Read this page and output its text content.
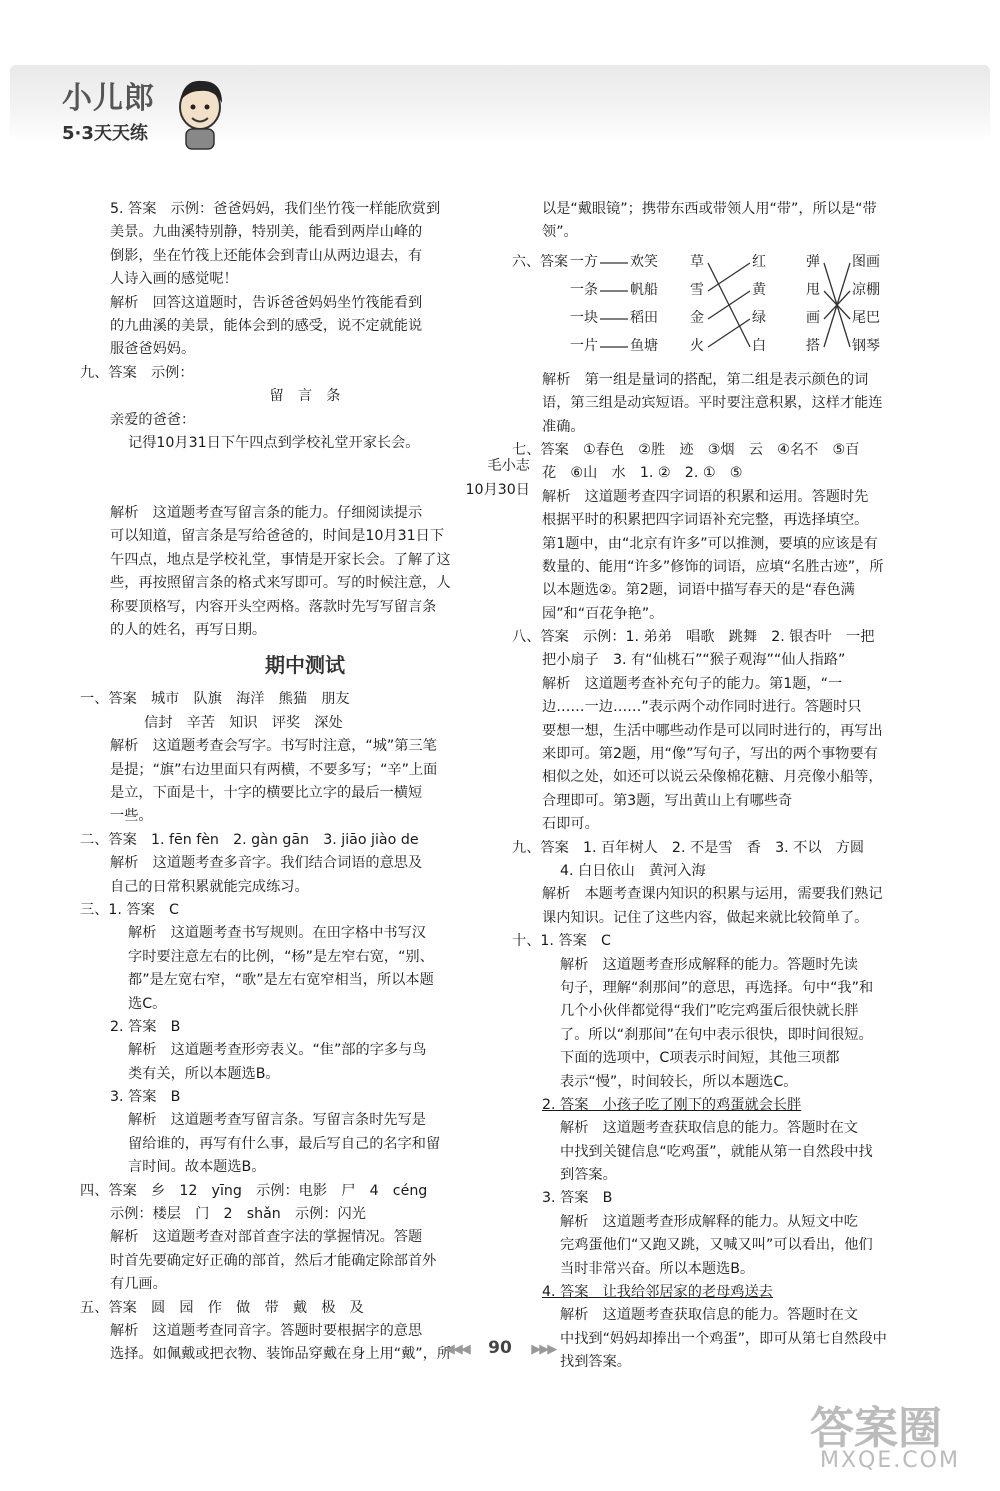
小儿郎
5·3天天练
5. 答案　示例：爸爸妈妈，我们坐竹筏一样能欣赏到
美景。九曲溪特别静，特别美，能看到两岸山峰的
倒影，坐在竹筏上还能体会到青山从两边退去，有
人诗入画的感觉呢！
解析　回答这道题时，告诉爸爸妈妈坐竹筏能看到
的九曲溪的美景，能体会到的感受，说不定就能说
服爸爸妈妈。
九、答案　示例：
留　言　条
亲爱的爸爸：
记得10月31日下午四点到学校礼堂开家长会。
毛小志
10月30日
解析　这道题考查写留言条的能力。仔细阅读提示
可以知道，留言条是写给爸爸的，时间是10月31日下
午四点，地点是学校礼堂，事情是开家长会。了解了这
些，再按照留言条的格式来写即可。写的时候注意，人
称要顶格写，内容开头空两格。落款时先写写留言条
的人的姓名，再写日期。
期中测试
一、答案　城市　队旗　海洋　熊猫　朋友
信封　辛苦　知识　评奖　深处
解析　这道题考查会写字。书写时注意，“城”第三笔
是提；“旗”右边里面只有两横，不要多写；“辛”上面
是立，下面是十，十字的横要比立字的最后一横短
一些。
二、答案　1. fēn fèn　2. gàn gān　3. jiāo jiào de
解析　这道题考查多音字。我们结合词语的意思及
自己的日常积累就能完成练习。
三、1. 答案　C
解析　这道题考查书写规则。在田字格中书写汉
字时要注意左右的比例，“杨”是左窄右宽，“别、
都”是左宽右窄，“歌”是左右宽窄相当，所以本题
选C。
2. 答案　B
解析　这道题考查形旁表义。“隹”部的字多与鸟
类有关，所以本题选B。
3. 答案　B
解析　这道题考查写留言条。写留言条时先写是
留给谁的，再写有什么事，最后写自己的名字和留
言时间。故本题选B。
四、答案　乡　12　yīng　示例：电影　尸　4　céng
示例：楼层　门　2　shǎn　示例：闪光
解析　这道题考查对部首查字法的掌握情况。答题
时首先要确定好正确的部首，然后才能确定除部首外
有几画。
五、答案　圆　园　作　做　带　戴　极　及
解析　这道题考查同音字。答题时要根据字的意思
选择。如佩戴或把衣物、装饰品穿戴在身上用“戴”，所
以是“戴眼镜”；携带东西或带领人用“带”，所以是“带
领”。
六、答案 一方 欢笑 草	红	弹 图画
一条 帆船 雪	黄	甩 凉棚
一块 稻田 金	绿	画 尾巴
一片 鱼塘 火	白	搭 钢琴
解析　第一组是量词的搭配，第二组是表示颜色的词
语，第三组是动宾短语。平时要注意积累，这样才能连
准确。
七、答案　①春色　②胜　迹　③烟　云　④名不　⑤百
花　⑥山　水　1. ②　2. ①　⑤
解析　这道题考查四字词语的积累和运用。答题时先
根据平时的积累把四字词语补充完整，再选择填空。
第1题中，由“北京有许多”可以推测，要填的应该是有
数量的、能用“许多”修饰的词语，应填“名胜古迹”，所
以本题选②。第2题，词语中描写春天的是“春色满
园”和“百花争艳”。
八、答案　示例：1. 弟弟　唱歌　跳舞　2. 银杏叶　一把
把小扇子　3. 有“仙桃石”“猴子观海”“仙人指路”
解析　这道题考查补充句子的能力。第1题，“一
边……一边……”表示两个动作同时进行。答题时只
要想一想，生活中哪些动作是可以同时进行的，再写出
来即可。第2题，用“像”写句子，写出的两个事物要有
相似之处，如还可以说云朵像棉花糖、月亮像小船等，
合理即可。第3题，写出黄山上有哪些奇
石即可。
九、答案　1. 百年树人　2. 不是雪　香　3. 不以　方圆
4. 白日依山　黄河入海
解析　本题考查课内知识的积累与运用，需要我们熟记
课内知识。记住了这些内容，做起来就比较简单了。
十、1. 答案　C
解析　这道题考查形成解释的能力。答题时先读
句子，理解“刹那间”的意思，再选择。句中“我”和
几个小伙伴都觉得“我们”吃完鸡蛋后很快就长胖
了。所以“刹那间”在句中表示很快，即时间很短。
下面的选项中，C项表示时间短，其他三项都
表示“慢”，时间较长，所以本题选C。
2. 答案　小孩子吃了刚下的鸡蛋就会长胖
解析　这道题考查获取信息的能力。答题时在文
中找到关键信息“吃鸡蛋”，就能从第一自然段中找
到答案。
3. 答案　B
解析　这道题考查形成解释的能力。从短文中吃
完鸡蛋他们“又跑又跳，又喊又叫”可以看出，他们
当时非常兴奋。所以本题选B。
4. 答案　让我给邻居家的老母鸡送去
解析　这道题考查获取信息的能力。答题时在文
中找到“妈妈却捧出一个鸡蛋”，即可从第七自然段中
找到答案。
◀◀◀ 90 ▶▶▶
答案圈
MXQE.COM
